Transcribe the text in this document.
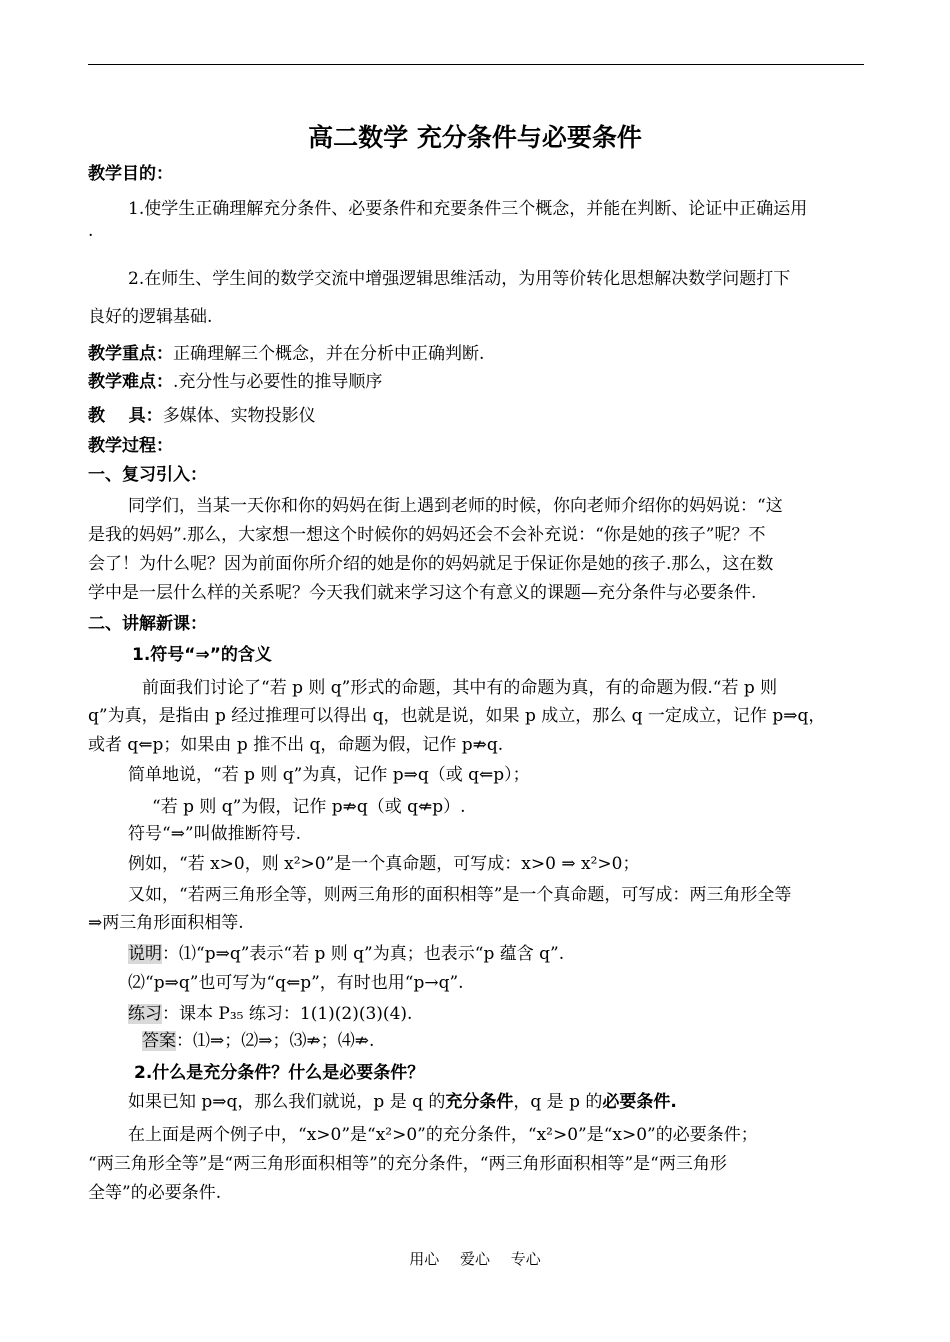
高二数学 充分条件与必要条件
教学目的：
1.使学生正确理解充分条件、必要条件和充要条件三个概念，并能在判断、论证中正确运用
.
2.在师生、学生间的数学交流中增强逻辑思维活动，为用等价转化思想解决数学问题打下
良好的逻辑基础.
教学重点：正确理解三个概念，并在分析中正确判断.
教学难点：.充分性与必要性的推导顺序
教    具：多媒体、实物投影仪
教学过程：
一、复习引入：
同学们，当某一天你和你的妈妈在街上遇到老师的时候，你向老师介绍你的妈妈说：“这
是我的妈妈”.那么，大家想一想这个时候你的妈妈还会不会补充说：“你是她的孩子”呢？不
会了！为什么呢？因为前面你所介绍的她是你的妈妈就足于保证你是她的孩子.那么，这在数
学中是一层什么样的关系呢？今天我们就来学习这个有意义的课题—充分条件与必要条件.
二、讲解新课：
1.符号“⇒”的含义
前面我们讨论了“若 p 则 q”形式的命题，其中有的命题为真，有的命题为假.“若 p 则
q”为真，是指由 p 经过推理可以得出 q，也就是说，如果 p 成立，那么 q 一定成立，记作 p⇒q，
或者 q⇐p；如果由 p 推不出 q，命题为假，记作 p⇏q.
简单地说，“若 p 则 q”为真，记作 p⇒q（或 q⇐p）；
“若 p 则 q”为假，记作 p⇏q（或 q⇍p）.
符号“⇒”叫做推断符号.
例如，“若 x>0，则 x²>0”是一个真命题，可写成：x>0 ⇒ x²>0；
又如，“若两三角形全等，则两三角形的面积相等”是一个真命题，可写成：两三角形全等
⇒两三角形面积相等.
说明：⑴“p⇒q”表示“若 p 则 q”为真；也表示“p 蕴含 q”.
⑵“p⇒q”也可写为“q⇐p”，有时也用“p→q”.
练习：课本 P₃₅ 练习：1(1)(2)(3)(4).
答案：⑴⇒；⑵⇒；⑶⇏；⑷⇏.
2.什么是充分条件？什么是必要条件？
如果已知 p⇒q，那么我们就说，p 是 q 的充分条件，q 是 p 的必要条件.
在上面是两个例子中，“x>0”是“x²>0”的充分条件，“x²>0”是“x>0”的必要条件；
“两三角形全等”是“两三角形面积相等”的充分条件，“两三角形面积相等”是“两三角形
全等”的必要条件.
用心 爱心 专心
